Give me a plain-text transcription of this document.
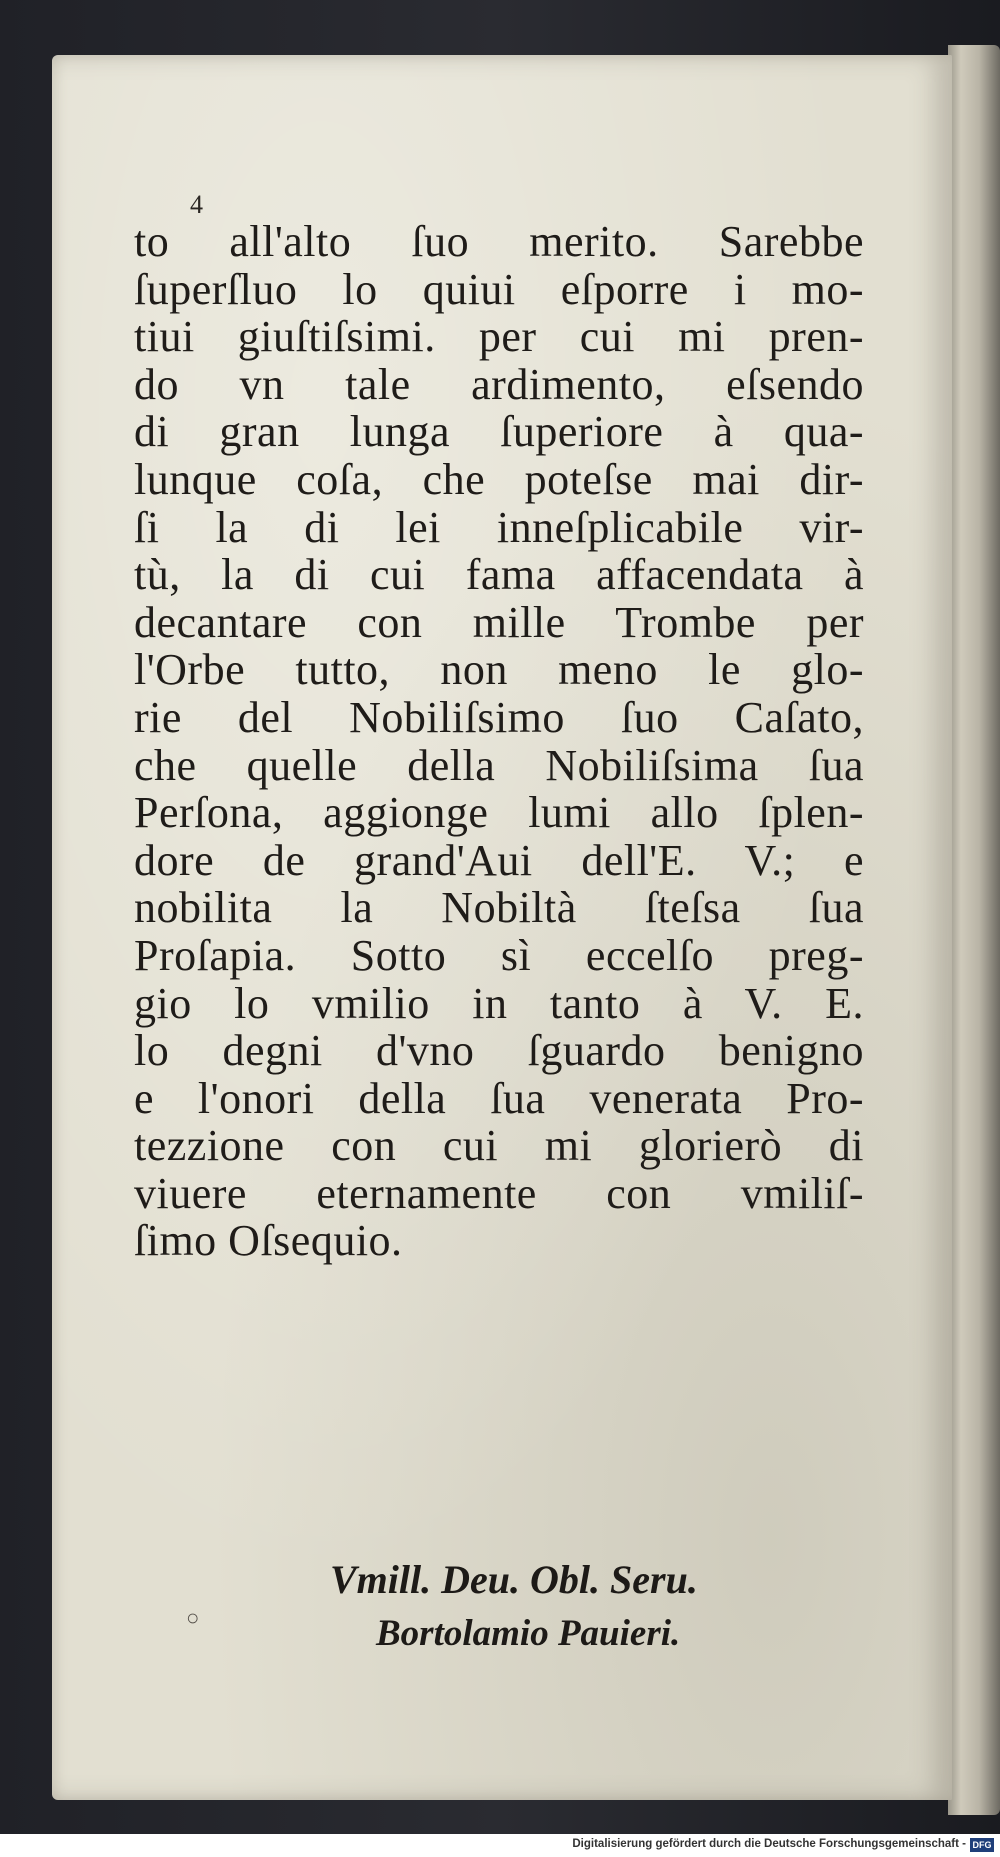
4
to all'alto ſuo merito. Sarebbe
ſuperſluo lo quiui eſporre i mo-
tiui giuſtiſsimi. per cui mi pren-
do vn tale ardimento, eſsendo
di gran lunga ſuperiore à qua-
lunque coſa, che poteſse mai dir-
ſi la di lei inneſplicabile vir-
tù, la di cui fama affacendata à
decantare con mille Trombe per
l'Orbe tutto, non meno le glo-
rie del Nobiliſsimo ſuo Caſato,
che quelle della Nobiliſsima ſua
Perſona, aggionge lumi allo ſplen-
dore de grand'Aui dell'E. V.; e
nobilita la Nobiltà ſteſsa ſua
Proſapia. Sotto sì eccelſo preg-
gio lo vmilio in tanto à V. E.
lo degni d'vno ſguardo benigno
e l'onori della ſua venerata Pro-
tezzione con cui mi glorierò di
viuere eternamente con vmiliſ-
ſimo Oſsequio.
○
Vmill. Deu. Obl. Seru.
Bortolamio Pauieri.
Digitalisierung gefördert durch die Deutsche Forschungsgemeinschaft - DFG
